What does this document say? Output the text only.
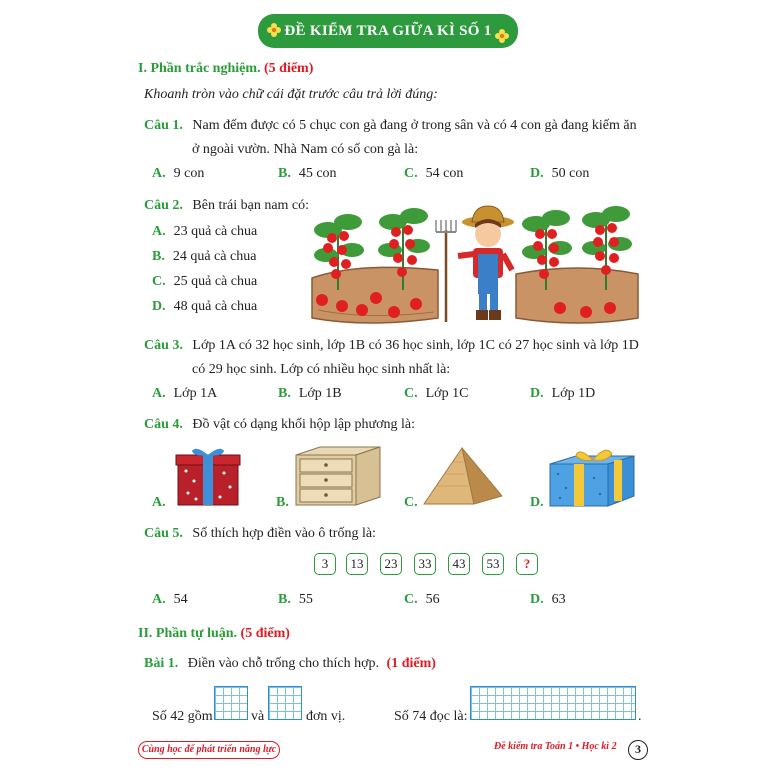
ĐỀ KIỂM TRA GIỮA KÌ SỐ 1
I. Phần trắc nghiệm. (5 điểm)
Khoanh tròn vào chữ cái đặt trước câu trả lời đúng:
Câu 1. Nam đếm được có 5 chục con gà đang ở trong sân và có 4 con gà đang kiếm ăn
ở ngoài vườn. Nhà Nam có số con gà là:
A. 9 con	B. 45 con	C. 54 con	D. 50 con
Câu 2. Bên trái bạn nam có:
A. 23 quả cà chua
B. 24 quả cà chua
C. 25 quả cà chua
D. 48 quả cà chua
Câu 3. Lớp 1A có 32 học sinh, lớp 1B có 36 học sinh, lớp 1C có 27 học sinh và lớp 1D
có 29 học sinh. Lớp có nhiều học sinh nhất là:
A. Lớp 1A	B. Lớp 1B	C. Lớp 1C	D. Lớp 1D
Câu 4. Đồ vật có dạng khối hộp lập phương là:
A.	B.	C.	D.
Câu 5. Số thích hợp điền vào ô trống là:
3	13	23	33	43	53	?
A. 54	B. 55	C. 56	D. 63
II. Phần tự luận. (5 điểm)
Bài 1. Điền vào chỗ trống cho thích hợp. (1 điểm)
Số 42 gồm	và	đơn vị.	Số 74 đọc là:	.
Cùng học để phát triển năng lực	Đề kiểm tra Toán 1 • Học kì 2	3
